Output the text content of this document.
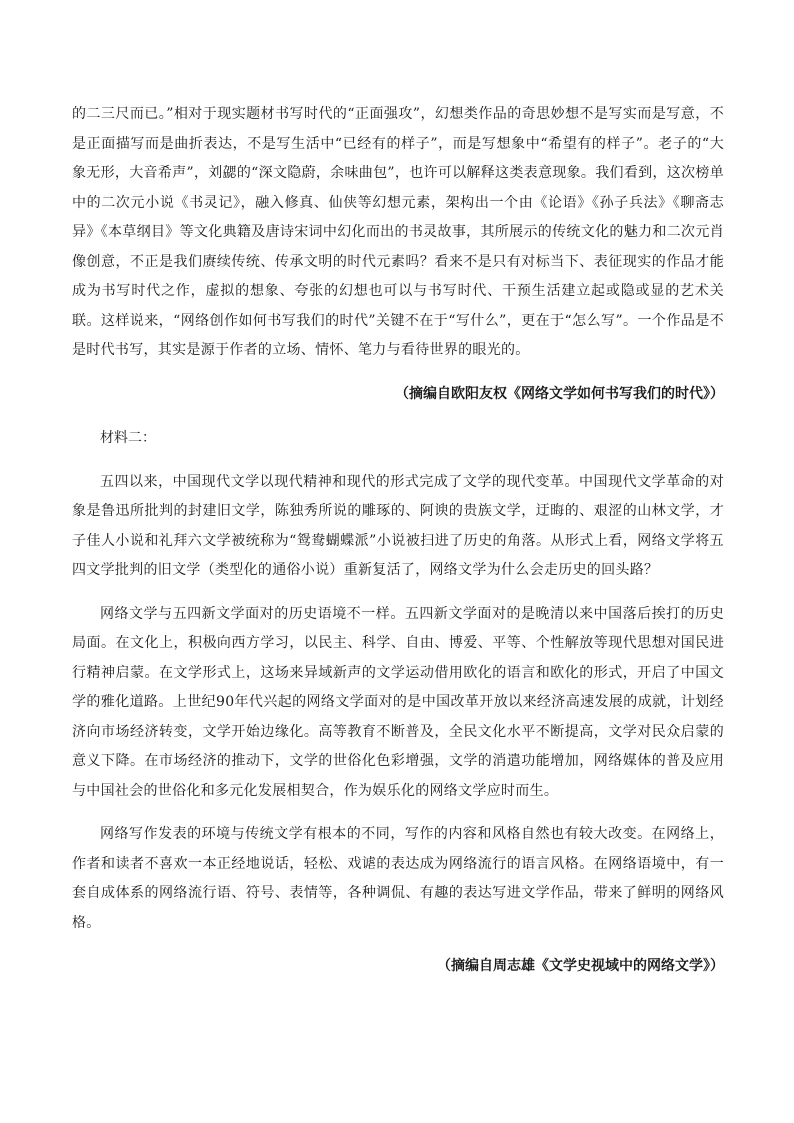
的二三尺而已。”相对于现实题材书写时代的“正面强攻”，幻想类作品的奇思妙想不是写实而是写意，不是正面描写而是曲折表达，不是写生活中“已经有的样子”，而是写想象中“希望有的样子”。老子的“大象无形，大音希声”，刘勰的“深文隐蔚，余味曲包”，也许可以解释这类表意现象。我们看到，这次榜单中的二次元小说《书灵记》，融入修真、仙侠等幻想元素，架构出一个由《论语》《孙子兵法》《聊斋志异》《本草纲目》等文化典籍及唐诗宋词中幻化而出的书灵故事，其所展示的传统文化的魅力和二次元肖像创意，不正是我们赓续传统、传承文明的时代元素吗？看来不是只有对标当下、表征现实的作品才能成为书写时代之作，虚拟的想象、夸张的幻想也可以与书写时代、干预生活建立起或隐或显的艺术关联。这样说来，“网络创作如何书写我们的时代”关键不在于“写什么”，更在于“怎么写”。一个作品是不是时代书写，其实是源于作者的立场、情怀、笔力与看待世界的眼光的。

（摘编自欧阳友权《网络文学如何书写我们的时代》）

材料二：

五四以来，中国现代文学以现代精神和现代的形式完成了文学的现代变革。中国现代文学革命的对象是鲁迅所批判的封建旧文学，陈独秀所说的雕琢的、阿谀的贵族文学，迂晦的、艰涩的山林文学，才子佳人小说和礼拜六文学被统称为“鸳鸯蝴蝶派”小说被扫进了历史的角落。从形式上看，网络文学将五四文学批判的旧文学（类型化的通俗小说）重新复活了，网络文学为什么会走历史的回头路？

网络文学与五四新文学面对的历史语境不一样。五四新文学面对的是晚清以来中国落后挨打的历史局面。在文化上，积极向西方学习，以民主、科学、自由、博爱、平等、个性解放等现代思想对国民进行精神启蒙。在文学形式上，这场来异域新声的文学运动借用欧化的语言和欧化的形式，开启了中国文学的雅化道路。上世纪90年代兴起的网络文学面对的是中国改革开放以来经济高速发展的成就，计划经济向市场经济转变，文学开始边缘化。高等教育不断普及，全民文化水平不断提高，文学对民众启蒙的意义下降。在市场经济的推动下，文学的世俗化色彩增强，文学的消遣功能增加，网络媒体的普及应用与中国社会的世俗化和多元化发展相契合，作为娱乐化的网络文学应时而生。

网络写作发表的环境与传统文学有根本的不同，写作的内容和风格自然也有较大改变。在网络上，作者和读者不喜欢一本正经地说话，轻松、戏谑的表达成为网络流行的语言风格。在网络语境中，有一套自成体系的网络流行语、符号、表情等，各种调侃、有趣的表达写进文学作品，带来了鲜明的网络风格。

（摘编自周志雄《文学史视域中的网络文学》）
